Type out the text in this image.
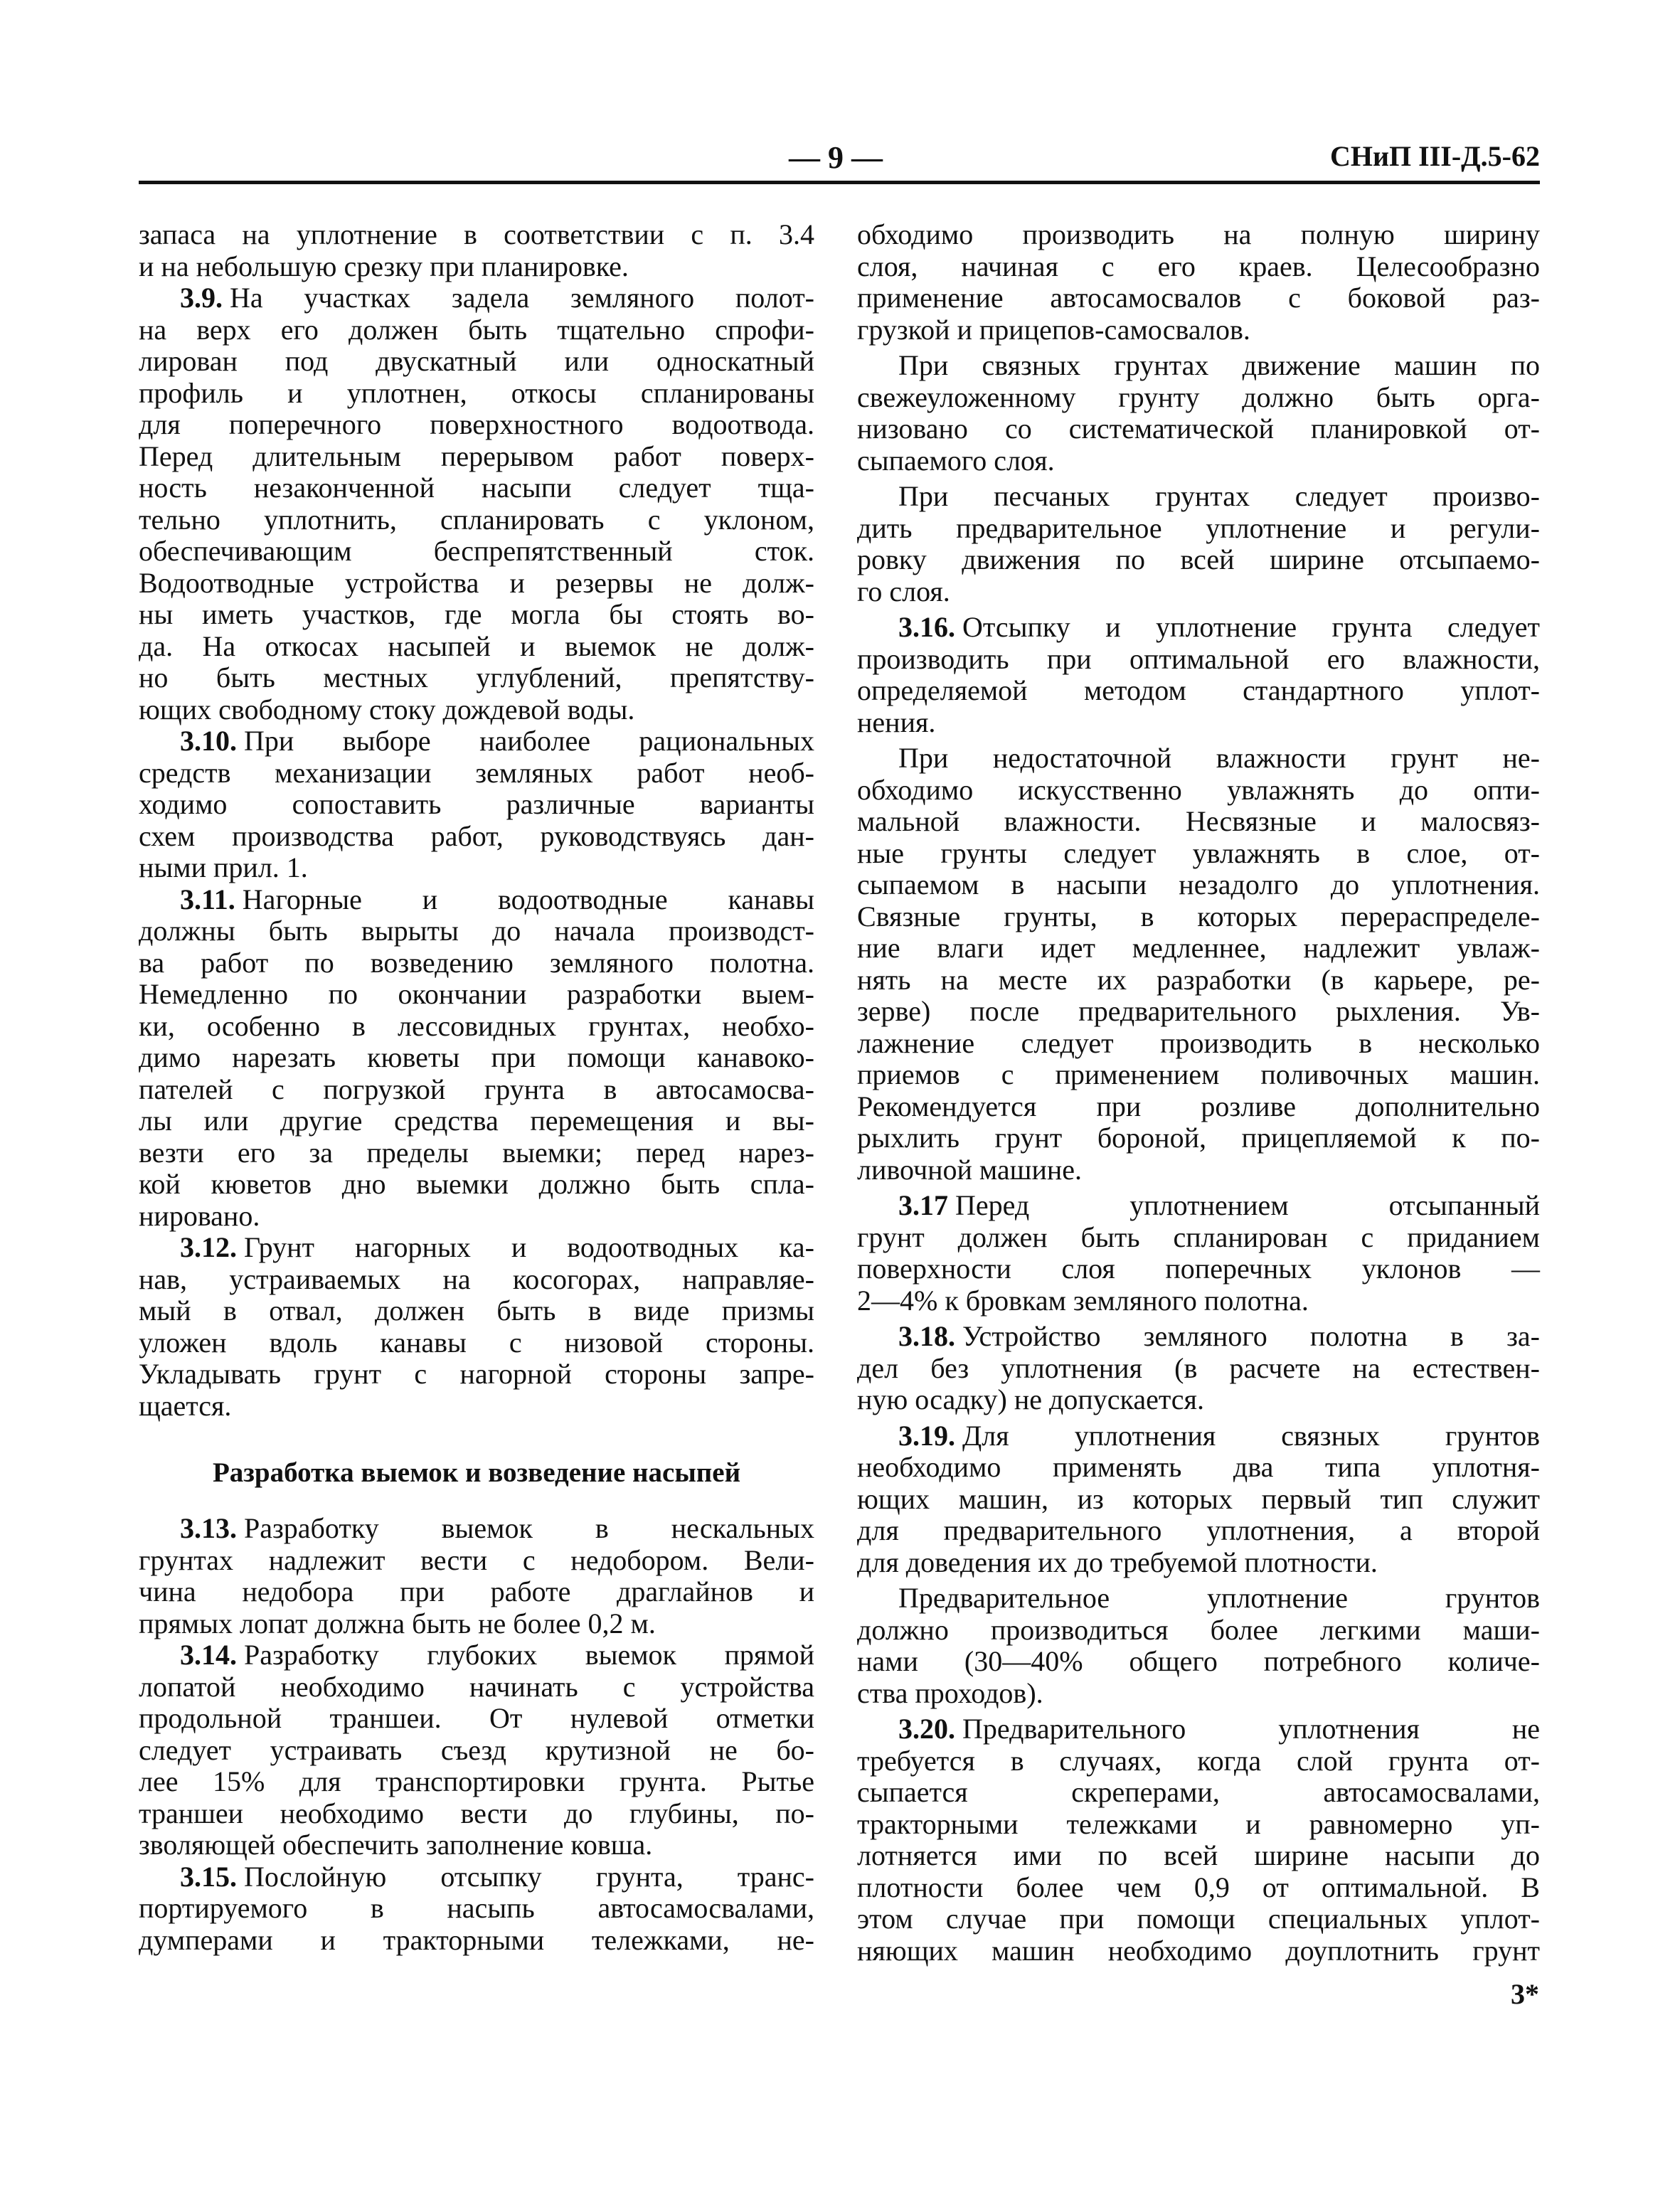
— 9 —	СНиП III-Д.5-62
запаса на уплотнение в соответствии с п. 3.4
и на небольшую срезку при планировке.
3.9. На участках задела земляного полот-
на верх его должен быть тщательно спрофи-
лирован под двускатный или односкатный
профиль и уплотнен, откосы спланированы
для поперечного поверхностного водоотвода.
Перед длительным перерывом работ поверх-
ность незаконченной насыпи следует тща-
тельно уплотнить, спланировать с уклоном,
обеспечивающим беспрепятственный сток.
Водоотводные устройства и резервы не долж-
ны иметь участков, где могла бы стоять во-
да. На откосах насыпей и выемок не долж-
но быть местных углублений, препятству-
ющих свободному стоку дождевой воды.
3.10. При выборе наиболее рациональных
средств механизации земляных работ необ-
ходимо сопоставить различные варианты
схем производства работ, руководствуясь дан-
ными прил. 1.
3.11. Нагорные и водоотводные канавы
должны быть вырыты до начала производст-
ва работ по возведению земляного полотна.
Немедленно по окончании разработки выем-
ки, особенно в лессовидных грунтах, необхо-
димо нарезать кюветы при помощи канавоко-
пателей с погрузкой грунта в автосамосва-
лы или другие средства перемещения и вы-
везти его за пределы выемки; перед нарез-
кой кюветов дно выемки должно быть спла-
нировано.
3.12. Грунт нагорных и водоотводных ка-
нав, устраиваемых на косогорах, направляе-
мый в отвал, должен быть в виде призмы
уложен вдоль канавы с низовой стороны.
Укладывать грунт с нагорной стороны запре-
щается.
Разработка выемок и возведение насыпей
3.13. Разработку выемок в нескальных
грунтах надлежит вести с недобором. Вели-
чина недобора при работе драглайнов и
прямых лопат должна быть не более 0,2 м.
3.14. Разработку глубоких выемок прямой
лопатой необходимо начинать с устройства
продольной траншеи. От нулевой отметки
следует устраивать съезд крутизной не бо-
лее 15% для транспортировки грунта. Рытье
траншеи необходимо вести до глубины, по-
зволяющей обеспечить заполнение ковша.
3.15. Послойную отсыпку грунта, транс-
портируемого в насыпь автосамосвалами,
думперами и тракторными тележками, не-
обходимо производить на полную ширину
слоя, начиная с его краев. Целесообразно
применение автосамосвалов с боковой раз-
грузкой и прицепов-самосвалов.
При связных грунтах движение машин по
свежеуложенному грунту должно быть орга-
низовано со систематической планировкой от-
сыпаемого слоя.
При песчаных грунтах следует произво-
дить предварительное уплотнение и регули-
ровку движения по всей ширине отсыпаемо-
го слоя.
3.16. Отсыпку и уплотнение грунта следует
производить при оптимальной его влажности,
определяемой методом стандартного уплот-
нения.
При недостаточной влажности грунт не-
обходимо искусственно увлажнять до опти-
мальной влажности. Несвязные и малосвяз-
ные грунты следует увлажнять в слое, от-
сыпаемом в насыпи незадолго до уплотнения.
Связные грунты, в которых перераспределе-
ние влаги идет медленнее, надлежит увлаж-
нять на месте их разработки (в карьере, ре-
зерве) после предварительного рыхления. Ув-
лажнение следует производить в несколько
приемов с применением поливочных машин.
Рекомендуется при розливе дополнительно
рыхлить грунт бороной, прицепляемой к по-
ливочной машине.
3.17 Перед уплотнением отсыпанный
грунт должен быть спланирован с приданием
поверхности слоя поперечных уклонов —
2—4% к бровкам земляного полотна.
3.18. Устройство земляного полотна в за-
дел без уплотнения (в расчете на естествен-
ную осадку) не допускается.
3.19. Для уплотнения связных грунтов
необходимо применять два типа уплотня-
ющих машин, из которых первый тип служит
для предварительного уплотнения, а второй
для доведения их до требуемой плотности.
Предварительное уплотнение грунтов
должно производиться более легкими маши-
нами (30—40% общего потребного количе-
ства проходов).
3.20. Предварительного уплотнения не
требуется в случаях, когда слой грунта от-
сыпается скреперами, автосамосвалами,
тракторными тележками и равномерно уп-
лотняется ими по всей ширине насыпи до
плотности более чем 0,9 от оптимальной. В
этом случае при помощи специальных уплот-
няющих машин необходимо доуплотнить грунт
3*
